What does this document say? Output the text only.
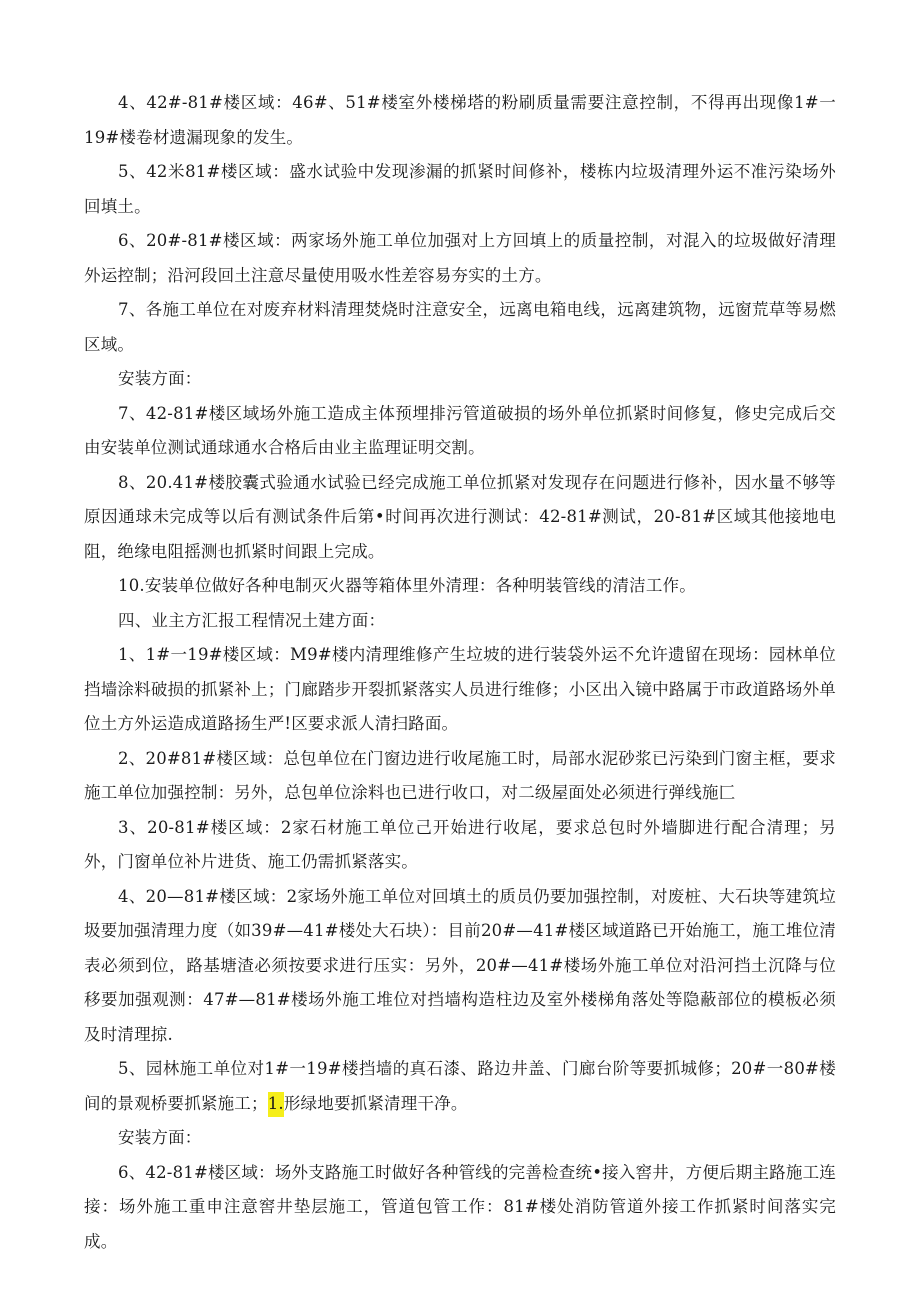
4、42#-81#楼区域：46#、51#楼室外楼梯塔的粉刷质量需要注意控制，不得再出现像1#一19#楼卷材遗漏现象的发生。

5、42米81#楼区域：盛水试验中发现渗漏的抓紧时间修补，楼栋内垃圾清理外运不准污染场外回填土。

6、20#-81#楼区域：两家场外施工单位加强对上方回填上的质量控制，对混入的垃圾做好清理外运控制；沿河段回土注意尽量使用吸水性差容易夯实的土方。

7、各施工单位在对废弃材料清理焚烧时注意安全，远离电箱电线，远离建筑物，远窗荒草等易燃区域。

安装方面：

7、42-81#楼区域场外施工造成主体预埋排污管道破损的场外单位抓紧时间修复，修史完成后交由安装单位测试通球通水合格后由业主监理证明交割。

8、20.41#楼胶囊式验通水试验已经完成施工单位抓紧对发现存在问题进行修补，因水量不够等原因通球未完成等以后有测试条件后第•时间再次进行测试：42-81#测试，20-81#区域其他接地电阻，绝缘电阻摇测也抓紧时间跟上完成。

10.安装单位做好各种电制灭火器等箱体里外清理：各种明装管线的清洁工作。

四、业主方汇报工程情况土建方面：

1、1#一19#楼区域：M9#楼内清理维修产生垃坡的进行装袋外运不允许遗留在现场：园林单位挡墙涂料破损的抓紧补上；门廊踏步开裂抓紧落实人员进行维修；小区出入镜中路属于市政道路场外单位土方外运造成道路扬生严!区要求派人清扫路面。

2、20#81#楼区域：总包单位在门窗边进行收尾施工时，局部水泥砂浆已污染到门窗主框，要求施工单位加强控制：另外，总包单位涂料也已进行收口，对二级屋面处必须进行弹线施匚

3、20-81#楼区域：2家石材施工单位己开始进行收尾，要求总包时外墙脚进行配合清理；另外，门窗单位补片进货、施工仍需抓紧落实。

4、20—81#楼区域：2家场外施工单位对回填土的质员仍要加强控制，对废桩、大石块等建筑垃圾要加强清理力度（如39#—41#楼处大石块）：目前20#—41#楼区域道路已开始施工，施工堆位清表必须到位，路基塘渣必须按要求进行压实：另外，20#—41#楼场外施工单位对沿河挡土沉降与位移要加强观测：47#—81#楼场外施工堆位对挡墙构造柱边及室外楼梯角落处等隐蔽部位的模板必须及时清理掠.

5、园林施工单位对1#一19#楼挡墙的真石漆、路边井盖、门廊台阶等要抓城修；20#一80#楼间的景观桥要抓紧施工；1.形绿地要抓紧清理干净。

安装方面：

6、42-81#楼区域：场外支路施工时做好各种管线的完善检查统•接入窖井，方便后期主路施工连接：场外施工重申注意窖井垫层施工，管道包管工作：81#楼处消防管道外接工作抓紧时间落实完成。
